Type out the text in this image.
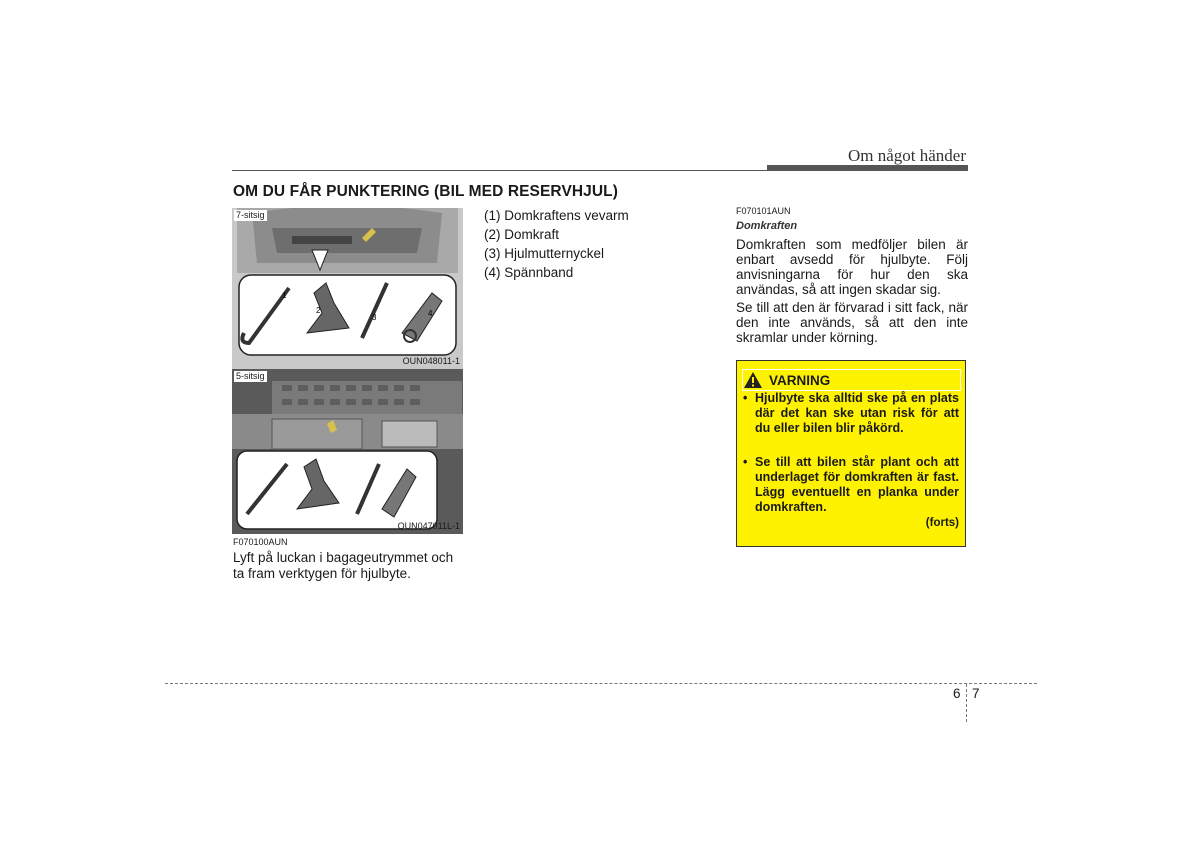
Om något händer
OM DU FÅR PUNKTERING (BIL MED RESERVHJUL)
1
2
3	4
7-sitsig
OUN048011-1
5-sitsig
OUN047011L-1
F070100AUN
Lyft på luckan i bagageutrymmet och ta fram verktygen för hjulbyte.
(1) Domkraftens vevarm
(2) Domkraft
(3) Hjulmutternyckel
(4) Spännband
F070101AUN
Domkraften
Domkraften som medföljer bilen är enbart avsedd för hjulbyte. Följ anvisningarna för hur den ska användas, så att ingen skadar sig.
Se till att den är förvarad i sitt fack, när den inte används, så att den inte skramlar under körning.
VARNING
• Hjulbyte ska alltid ske på en plats där det kan ske utan risk för att du eller bilen blir påkörd.
• Se till att bilen står plant och att underlaget för domkraften är fast. Lägg eventuellt en planka under domkraften.
(forts)
6 7
